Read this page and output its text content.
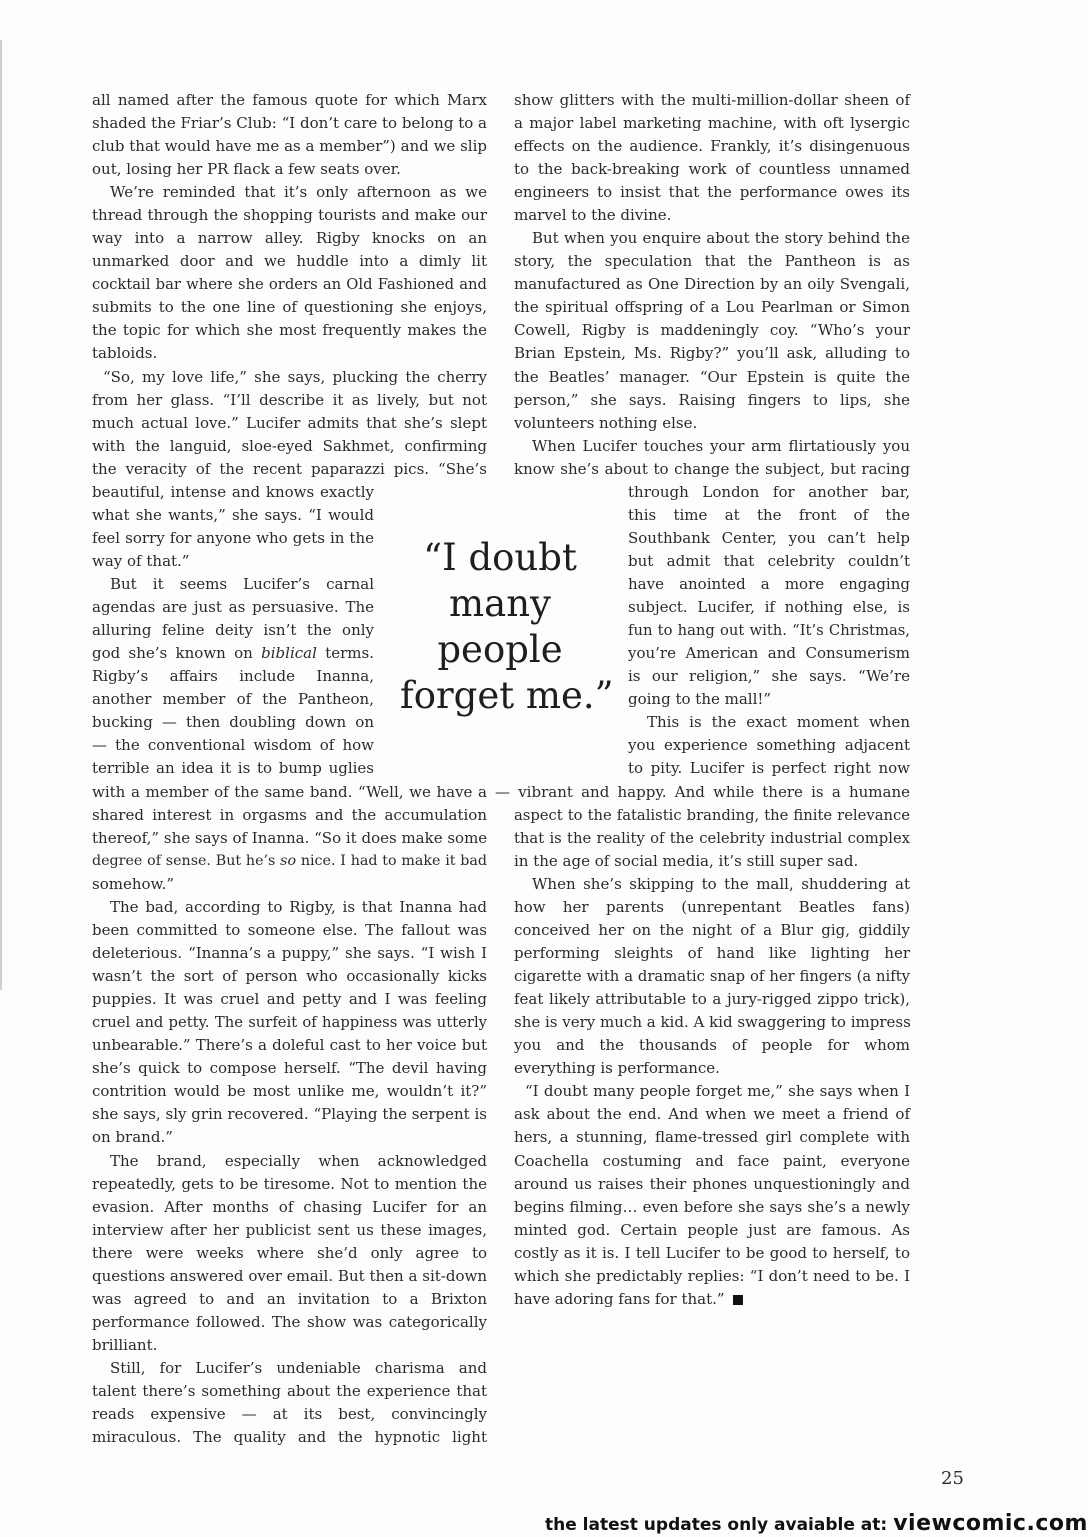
all named after the famous quote for which Marx
shaded the Friar’s Club: “I don’t care to belong to a
club that would have me as a member”) and we slip
out, losing her PR flack a few seats over.
We’re reminded that it’s only afternoon as we
thread through the shopping tourists and make our
way into a narrow alley. Rigby knocks on an
unmarked door and we huddle into a dimly lit
cocktail bar where she orders an Old Fashioned and
submits to the one line of questioning she enjoys,
the topic for which she most frequently makes the
tabloids.
“So, my love life,” she says, plucking the cherry
from her glass. “I’ll describe it as lively, but not
much actual love.” Lucifer admits that she’s slept
with the languid, sloe-eyed Sakhmet, confirming
the veracity of the recent paparazzi pics. “She’s
beautiful, intense and knows exactly
what she wants,” she says. “I would
feel sorry for anyone who gets in the
way of that.”
But it seems Lucifer’s carnal
agendas are just as persuasive. The
alluring feline deity isn’t the only
god she’s known on biblical terms.
Rigby’s affairs include Inanna,
another member of the Pantheon,
bucking — then doubling down on
— the conventional wisdom of how
terrible an idea it is to bump uglies
with a member of the same band. “Well, we have a
shared interest in orgasms and the accumulation
thereof,” she says of Inanna. “So it does make some
degree of sense. But he’s so nice. I had to make it bad
somehow.”
The bad, according to Rigby, is that Inanna had
been committed to someone else. The fallout was
deleterious. “Inanna’s a puppy,” she says. “I wish I
wasn’t the sort of person who occasionally kicks
puppies. It was cruel and petty and I was feeling
cruel and petty. The surfeit of happiness was utterly
unbearable.” There’s a doleful cast to her voice but
she’s quick to compose herself. “The devil having
contrition would be most unlike me, wouldn’t it?”
she says, sly grin recovered. “Playing the serpent is
on brand.”
The brand, especially when acknowledged
repeatedly, gets to be tiresome. Not to mention the
evasion. After months of chasing Lucifer for an
interview after her publicist sent us these images,
there were weeks where she’d only agree to
questions answered over email. But then a sit-down
was agreed to and an invitation to a Brixton
performance followed. The show was categorically
brilliant.
Still, for Lucifer’s undeniable charisma and
talent there’s something about the experience that
reads expensive — at its best, convincingly
miraculous. The quality and the hypnotic light
“I doubt
many
people
forget me.”
show glitters with the multi-million-dollar sheen of
a major label marketing machine, with oft lysergic
effects on the audience. Frankly, it’s disingenuous
to the back-breaking work of countless unnamed
engineers to insist that the performance owes its
marvel to the divine.
But when you enquire about the story behind the
story, the speculation that the Pantheon is as
manufactured as One Direction by an oily Svengali,
the spiritual offspring of a Lou Pearlman or Simon
Cowell, Rigby is maddeningly coy. “Who’s your
Brian Epstein, Ms. Rigby?” you’ll ask, alluding to
the Beatles’ manager. “Our Epstein is quite the
person,” she says. Raising fingers to lips, she
volunteers nothing else.
When Lucifer touches your arm flirtatiously you
know she’s about to change the subject, but racing
through London for another bar,
this time at the front of the
Southbank Center, you can’t help
but admit that celebrity couldn’t
have anointed a more engaging
subject. Lucifer, if nothing else, is
fun to hang out with. “It’s Christmas,
you’re American and Consumerism
is our religion,” she says. “We’re
going to the mall!”
This is the exact moment when
you experience something adjacent
to pity. Lucifer is perfect right now
— vibrant and happy. And while there is a humane
aspect to the fatalistic branding, the finite relevance
that is the reality of the celebrity industrial complex
in the age of social media, it’s still super sad.
When she’s skipping to the mall, shuddering at
how her parents (unrepentant Beatles fans)
conceived her on the night of a Blur gig, giddily
performing sleights of hand like lighting her
cigarette with a dramatic snap of her fingers (a nifty
feat likely attributable to a jury-rigged zippo trick),
she is very much a kid. A kid swaggering to impress
you and the thousands of people for whom
everything is performance.
“I doubt many people forget me,” she says when I
ask about the end. And when we meet a friend of
hers, a stunning, flame-tressed girl complete with
Coachella costuming and face paint, everyone
around us raises their phones unquestioningly and
begins filming… even before she says she’s a newly
minted god. Certain people just are famous. As
costly as it is. I tell Lucifer to be good to herself, to
which she predictably replies: “I don’t need to be. I
have adoring fans for that.”
25
the latest updates only avaiable at: viewcomic.com
